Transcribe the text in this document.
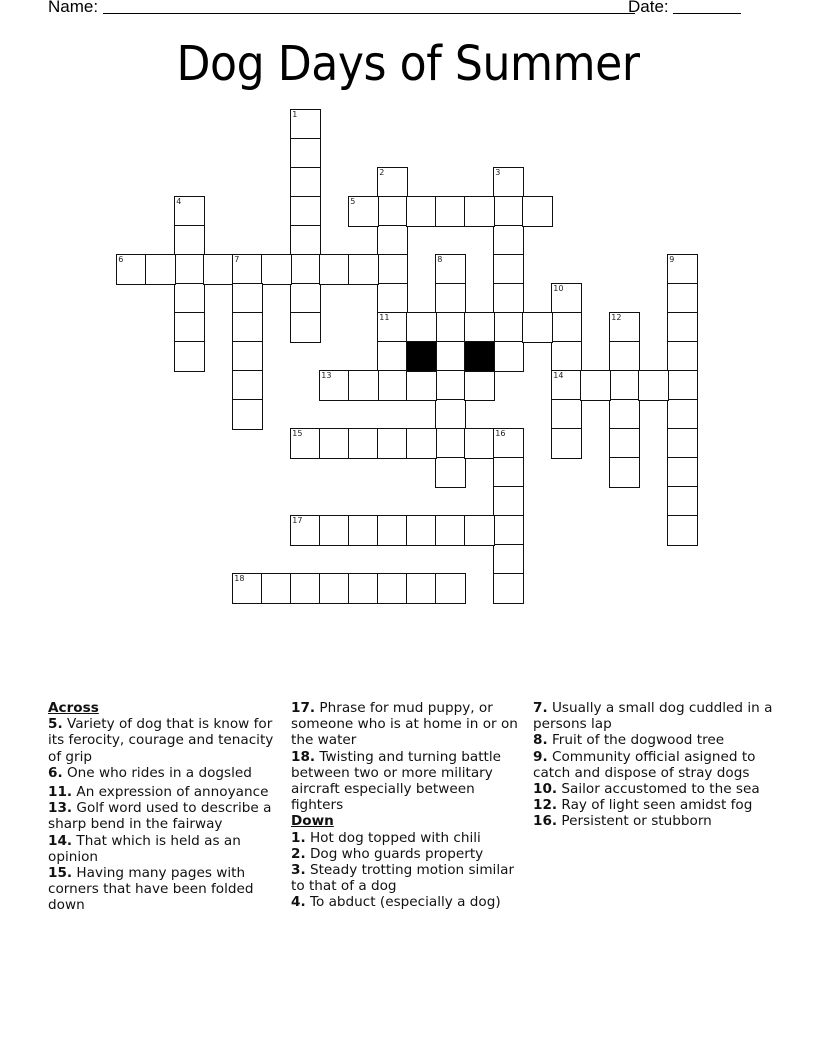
Name:	Date:
Dog Days of Summer
1
2
11
3
4	5
6	7	8	9
10
14
12
13
15	16
17
18
Across
5. Variety of dog that is know for its ferocity, courage and tenacity of grip
6. One who rides in a dogsled
11. An expression of annoyance
13. Golf word used to describe a sharp bend in the fairway
14. That which is held as an opinion
15. Having many pages with corners that have been folded down
17. Phrase for mud puppy, or someone who is at home in or on the water
18. Twisting and turning battle between two or more military aircraft especially between fighters
Down
1. Hot dog topped with chili
2. Dog who guards property
3. Steady trotting motion similar to that of a dog
4. To abduct (especially a dog)
7. Usually a small dog cuddled in a persons lap
8. Fruit of the dogwood tree
9. Community official asigned to catch and dispose of stray dogs
10. Sailor accustomed to the sea
12. Ray of light seen amidst fog
16. Persistent or stubborn
